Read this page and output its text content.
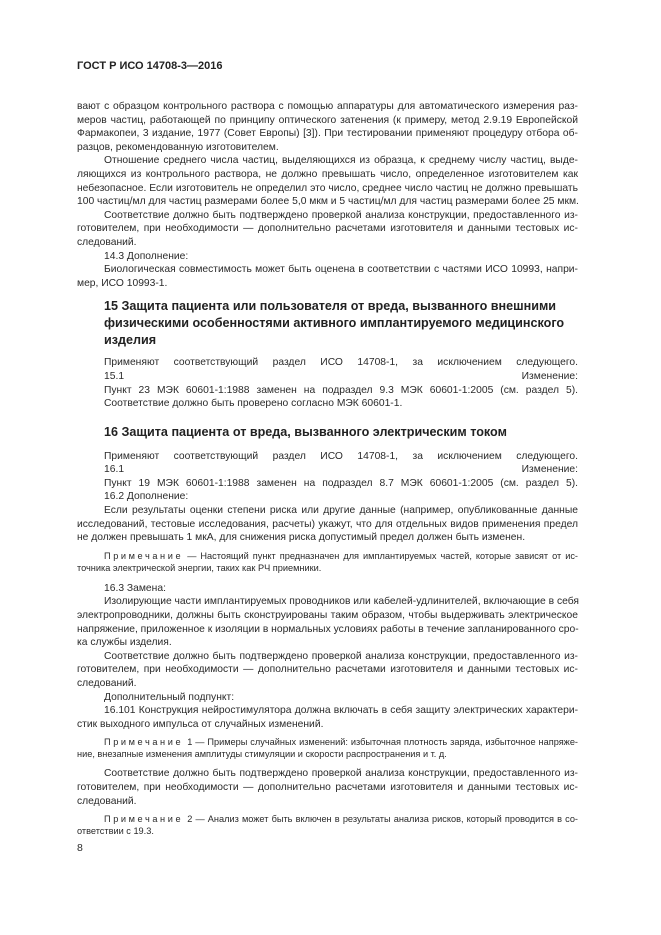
ГОСТ Р ИСО 14708-3—2016
вают с образцом контрольного раствора с помощью аппаратуры для автоматического измерения раз-
меров частиц, работающей по принципу оптического затенения (к примеру, метод 2.9.19 Европейской
Фармакопеи, 3 издание, 1977 (Совет Европы) [3]). При тестировании применяют процедуру отбора об-
разцов, рекомендованную изготовителем.
Отношение среднего числа частиц, выделяющихся из образца, к среднему числу частиц, выде-
ляющихся из контрольного раствора, не должно превышать число, определенное изготовителем как
небезопасное. Если изготовитель не определил это число, среднее число частиц не должно превышать
100 частиц/мл для частиц размерами более 5,0 мкм и 5 частиц/мл для частиц размерами более 25 мкм.
Соответствие должно быть подтверждено проверкой анализа конструкции, предоставленного из-
готовителем, при необходимости — дополнительно расчетами изготовителя и данными тестовых ис-
следований.
14.3 Дополнение:
Биологическая совместимость может быть оценена в соответствии с частями ИСО 10993, напри-
мер, ИСО 10993-1.
15 Защита пациента или пользователя от вреда, вызванного внешними
физическими особенностями активного имплантируемого медицинского
изделия
Применяют соответствующий раздел ИСО 14708-1, за исключением следующего.
15.1 Изменение:
Пункт 23 МЭК 60601-1:1988 заменен на подраздел 9.3 МЭК 60601-1:2005 (см. раздел 5).
Соответствие должно быть проверено согласно МЭК 60601-1.
16 Защита пациента от вреда, вызванного электрическим током
Применяют соответствующий раздел ИСО 14708-1, за исключением следующего.
16.1 Изменение:
Пункт 19 МЭК 60601-1:1988 заменен на подраздел 8.7 МЭК 60601-1:2005 (см. раздел 5).
16.2 Дополнение:
Если результаты оценки степени риска или другие данные (например, опубликованные данные
исследований, тестовые исследования, расчеты) укажут, что для отдельных видов применения предел
не должен превышать 1 мкА, для снижения риска допустимый предел должен быть изменен.
Примечание — Настоящий пункт предназначен для имплантируемых частей, которые зависят от ис-
точника электрической энергии, таких как РЧ приемники.
16.3 Замена:
Изолирующие части имплантируемых проводников или кабелей-удлинителей, включающие в себя
электропроводники, должны быть сконструированы таким образом, чтобы выдерживать электрическое
напряжение, приложенное к изоляции в нормальных условиях работы в течение запланированного сро-
ка службы изделия.
Соответствие должно быть подтверждено проверкой анализа конструкции, предоставленного из-
готовителем, при необходимости — дополнительно расчетами изготовителя и данными тестовых ис-
следований.
Дополнительный подпункт:
16.101 Конструкция нейростимулятора должна включать в себя защиту электрических характери-
стик выходного импульса от случайных изменений.
Примечание 1 — Примеры случайных изменений: избыточная плотность заряда, избыточное напряже-
ние, внезапные изменения амплитуды стимуляции и скорости распространения и т. д.
Соответствие должно быть подтверждено проверкой анализа конструкции, предоставленного из-
готовителем, при необходимости — дополнительно расчетами изготовителя и данными тестовых ис-
следований.
Примечание 2 — Анализ может быть включен в результаты анализа рисков, который проводится в со-
ответствии с 19.3.
8
